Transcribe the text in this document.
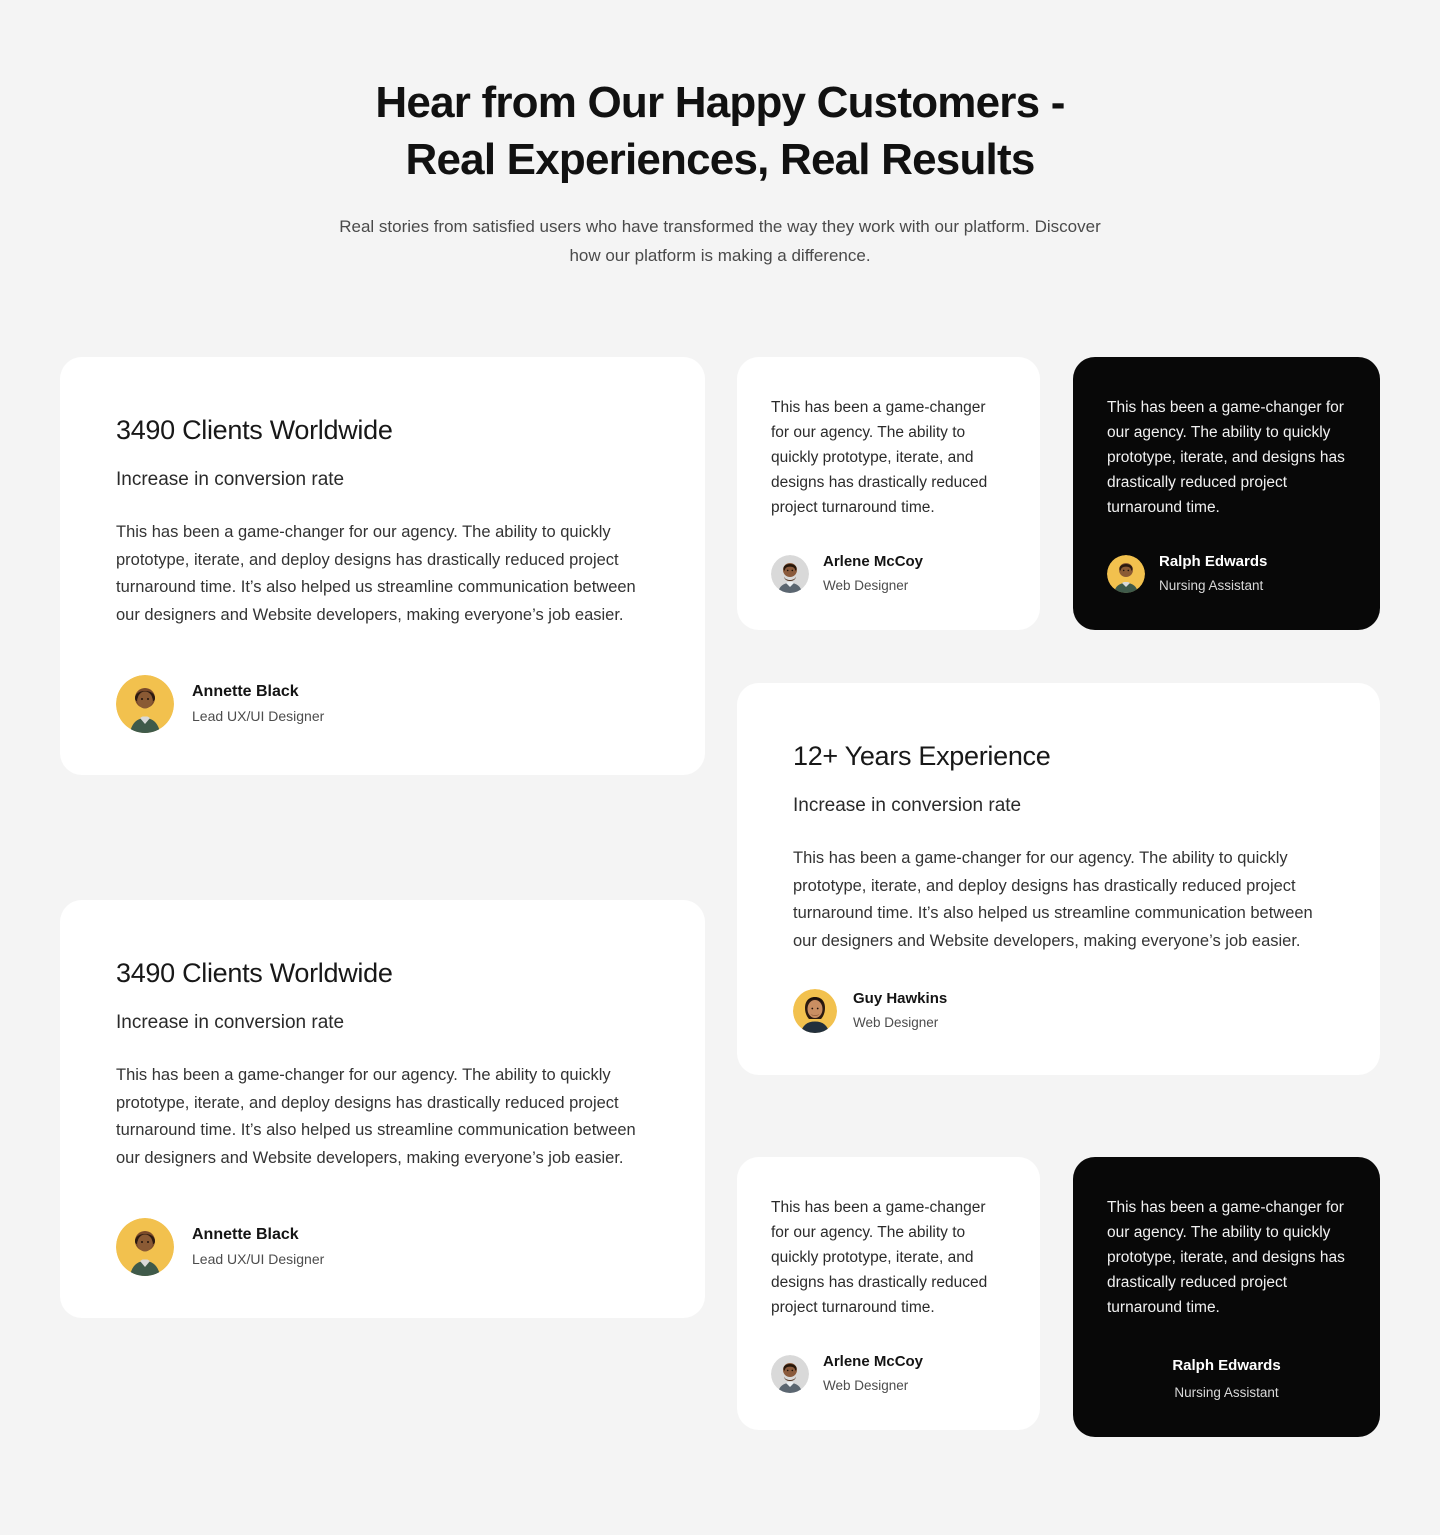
Hear from Our Happy Customers -
Real Experiences, Real Results

Real stories from satisfied users who have transformed the way they work with our platform. Discover how our platform is making a difference.

3490 Clients Worldwide
Increase in conversion rate
This has been a game-changer for our agency. The ability to quickly prototype, iterate, and deploy designs has drastically reduced project turnaround time. It’s also helped us streamline communication between our designers and Website developers, making everyone’s job easier.
Annette Black
Lead UX/UI Designer
3490 Clients Worldwide
Increase in conversion rate
This has been a game-changer for our agency. The ability to quickly prototype, iterate, and deploy designs has drastically reduced project turnaround time. It’s also helped us streamline communication between our designers and Website developers, making everyone’s job easier.
Annette Black
Lead UX/UI Designer
This has been a game-changer for our agency. The ability to quickly prototype, iterate, and designs has drastically reduced project turnaround time.
Arlene McCoy
Web Designer
This has been a game-changer for our agency. The ability to quickly prototype, iterate, and designs has drastically reduced project turnaround time.
Ralph Edwards
Nursing Assistant
12+ Years Experience
Increase in conversion rate
This has been a game-changer for our agency. The ability to quickly prototype, iterate, and deploy designs has drastically reduced project turnaround time. It’s also helped us streamline communication between our designers and Website developers, making everyone’s job easier.
Guy Hawkins
Web Designer
This has been a game-changer for our agency. The ability to quickly prototype, iterate, and designs has drastically reduced project turnaround time.
Arlene McCoy
Web Designer
This has been a game-changer for our agency. The ability to quickly prototype, iterate, and designs has drastically reduced project turnaround time.
Ralph Edwards
Nursing Assistant
